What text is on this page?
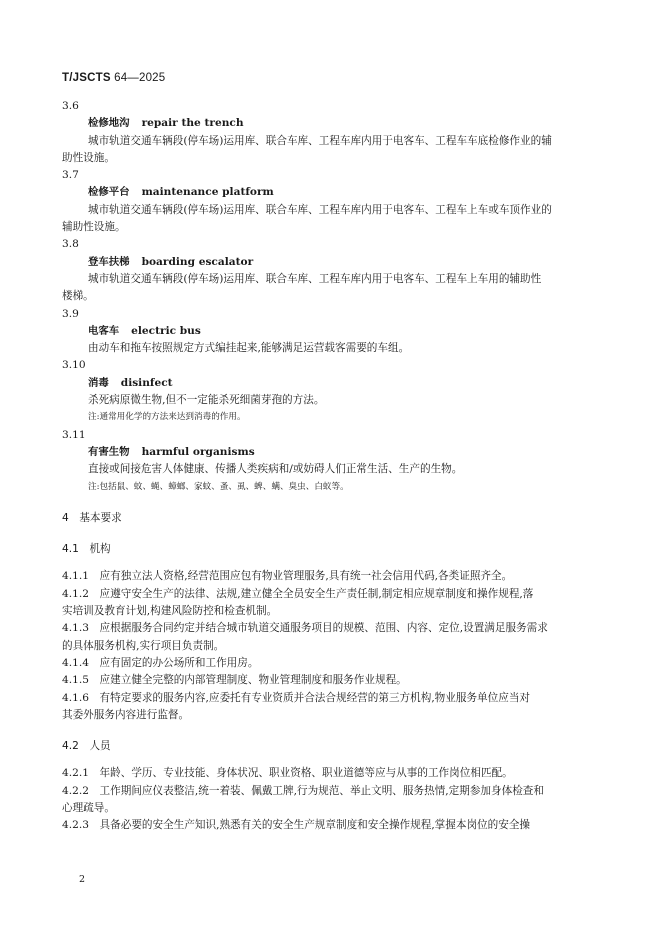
T/JSCTS 64—2025
3.6
检修地沟 repair the trench
城市轨道交通车辆段(停车场)运用库、联合车库、工程车库内用于电客车、工程车车底检修作业的辅
助性设施。
3.7
检修平台 maintenance platform
城市轨道交通车辆段(停车场)运用库、联合车库、工程车库内用于电客车、工程车上车或车顶作业的
辅助性设施。
3.8
登车扶梯 boarding escalator
城市轨道交通车辆段(停车场)运用库、联合车库、工程车库内用于电客车、工程车上车用的辅助性
楼梯。
3.9
电客车 electric bus
由动车和拖车按照规定方式编挂起来,能够满足运营载客需要的车组。
3.10
消毒 disinfect
杀死病原微生物,但不一定能杀死细菌芽孢的方法。
注:通常用化学的方法来达到消毒的作用。
3.11
有害生物 harmful organisms
直接或间接危害人体健康、传播人类疾病和/或妨碍人们正常生活、生产的生物。
注:包括鼠、蚊、蝇、蟑螂、家蚊、蚤、虱、蜱、螨、臭虫、白蚁等。
4　基本要求
4.1　机构
4.1.1　应有独立法人资格,经营范围应包有物业管理服务,具有统一社会信用代码,各类证照齐全。
4.1.2　应遵守安全生产的法律、法规,建立健全全员安全生产责任制,制定相应规章制度和操作规程,落
实培训及教育计划,构建风险防控和检查机制。
4.1.3　应根据服务合同约定并结合城市轨道交通服务项目的规模、范围、内容、定位,设置满足服务需求
的具体服务机构,实行项目负责制。
4.1.4　应有固定的办公场所和工作用房。
4.1.5　应建立健全完整的内部管理制度、物业管理制度和服务作业规程。
4.1.6　有特定要求的服务内容,应委托有专业资质并合法合规经营的第三方机构,物业服务单位应当对
其委外服务内容进行监督。
4.2　人员
4.2.1　年龄、学历、专业技能、身体状况、职业资格、职业道德等应与从事的工作岗位相匹配。
4.2.2　工作期间应仪表整洁,统一着装、佩戴工牌,行为规范、举止文明、服务热情,定期参加身体检查和
心理疏导。
4.2.3　具备必要的安全生产知识,熟悉有关的安全生产规章制度和安全操作规程,掌握本岗位的安全操
2
